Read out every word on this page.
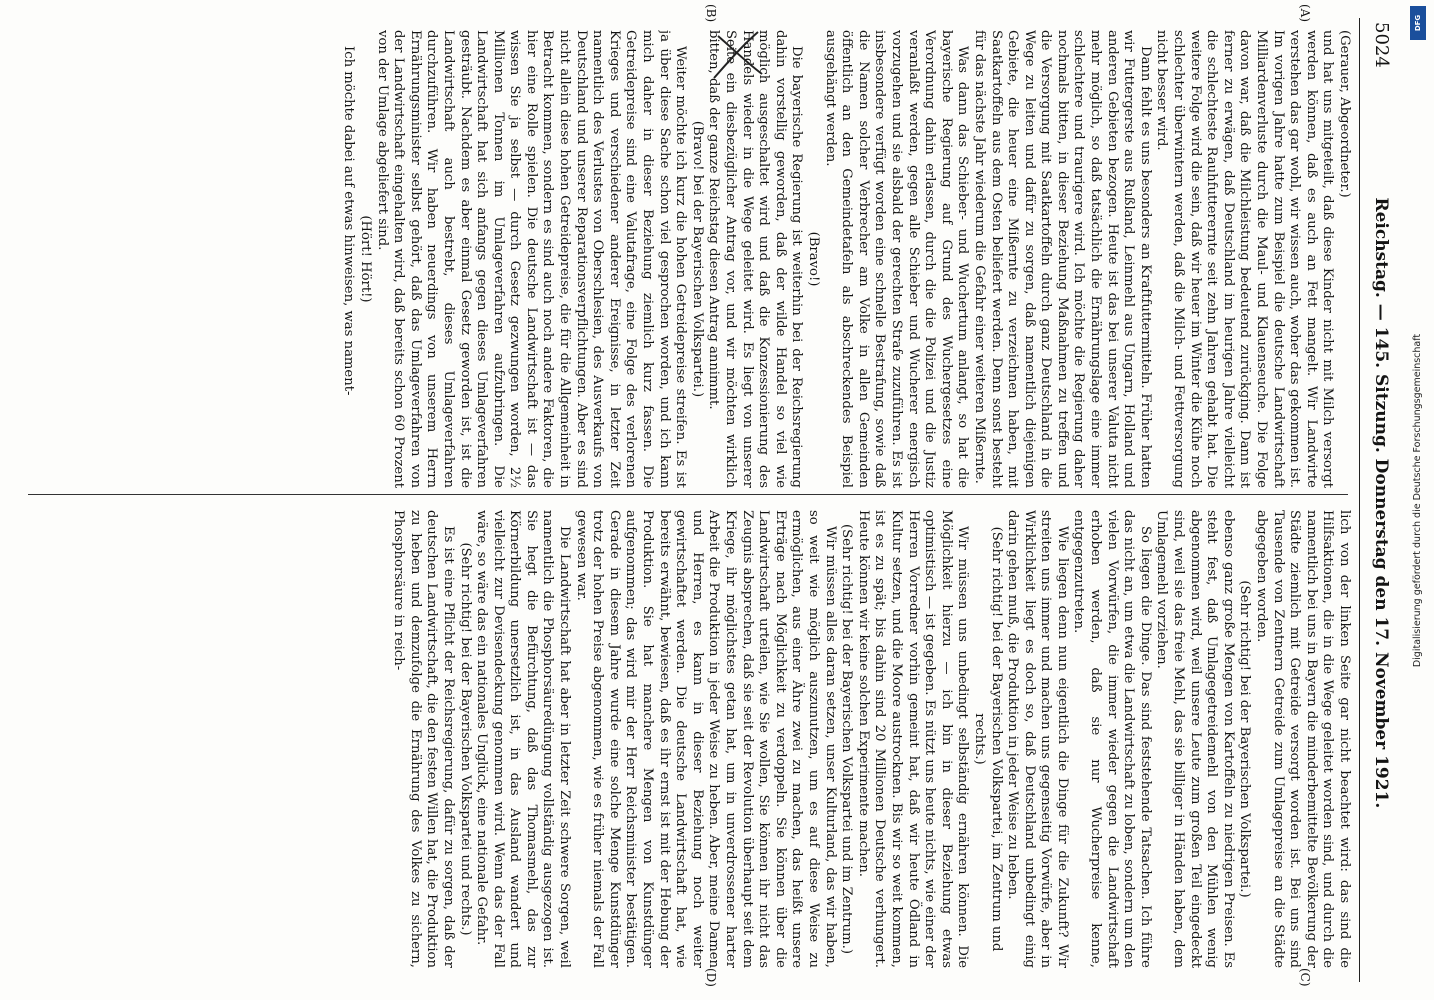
5024
Reichstag. — 145. Sitzung. Donnerstag den 17. November 1921.
(A)
(B)
(C)
(D)

(Gerauer, Abgeordneter.)

und hat uns mitgeteilt, daß diese Kinder nicht mit Milch versorgt werden können, daß es auch an Fett mangelt. Wir Landwirte verstehen das gar wohl, wir wissen auch, woher das gekommen ist. Im vorigen Jahre hatte zum Beispiel die deutsche Landwirtschaft Milliardenverluste durch die Maul- und Klauenseuche. Die Folge davon war, daß die Milchleistung bedeutend zurückging. Dann ist ferner zu erwägen, daß Deutschland im heurigen Jahre vielleicht die schlechteste Rauhfutterernte seit zehn Jahren gehabt hat. Die weitere Folge wird die sein, daß wir heuer im Winter die Kühe noch schlechter überwintern werden, daß die Milch- und Fettversorgung nicht besser wird.

Dann fehlt es uns besonders an Kraftfuttermitteln. Früher hatten wir Futtergerste aus Rußland, Leinmehl aus Ungarn, Holland und anderen Gebieten bezogen. Heute ist das bei unserer Valuta nicht mehr möglich, so daß tatsächlich die Ernährungslage eine immer schlechtere und traurigere wird. Ich möchte die Regierung daher nochmals bitten, in dieser Beziehung Maßnahmen zu treffen und die Versorgung mit Saatkartoffeln durch ganz Deutschland in die Wege zu leiten und dafür zu sorgen, daß namentlich diejenigen Gebiete, die heuer eine Mißernte zu verzeichnen haben, mit Saatkartoffeln aus dem Osten beliefert werden. Denn sonst besteht für das nächste Jahr wiederum die Gefahr einer weiteren Mißernte.

Was dann das Schieber- und Wuchertum anlangt, so hat die bayerische Regierung auf Grund des Wuchergesetzes eine Verordnung dahin erlassen, durch die die Polizei und die Justiz veranlaßt werden, gegen alle Schieber und Wucherer energisch vorzugehen und sie alsbald der gerechten Strafe zuzuführen. Es ist insbesondere verfügt worden eine schnelle Bestrafung, sowie daß die Namen solcher Verbrecher am Volke in allen Gemeinden öffentlich an den Gemeindetafeln als abschreckendes Beispiel ausgehängt werden.

(Bravo!)

Die bayerische Regierung ist weiterhin bei der Reichsregierung dahin vorstellig geworden, daß der wilde Handel so viel wie möglich ausgeschaltet wird und daß die Konzessionierung des Handels wieder in die Wege geleitet wird. Es liegt von unserer Seite ein diesbezüglicher Antrag vor, und wir möchten wirklich bitten, daß der ganze Reichstag diesen Antrag annimmt.

(Bravo! bei der Bayerischen Volkspartei.)

Weiter möchte ich kurz die hohen Getreidepreise streifen. Es ist ja über diese Sache schon viel gesprochen worden, und ich kann mich daher in dieser Beziehung ziemlich kurz fassen. Die Getreidepreise sind eine Valutafrage, eine Folge des verlorenen Krieges und verschiedener anderer Ereignisse, in letzter Zeit namentlich des Verlustes von Oberschlesien, des Ausverkaufs von Deutschland und unserer Reparationsverpflichtungen. Aber es sind nicht allein diese hohen Getreidepreise, die für die Allgemeinheit in Betracht kommen, sondern es sind auch noch andere Faktoren, die hier eine Rolle spielen. Die deutsche Landwirtschaft ist — das wissen Sie ja selbst — durch Gesetz gezwungen worden, 2½ Millionen Tonnen im Umlageverfahren aufzubringen. Die Landwirtschaft hat sich anfangs gegen dieses Umlageverfahren gesträubt. Nachdem es aber einmal Gesetz geworden ist, ist die Landwirtschaft auch bestrebt, dieses Umlageverfahren durchzuführen. Wir haben neuerdings von unserem Herrn Ernährungsminister selbst gehört, daß das Umlageverfahren von der Landwirtschaft eingehalten wird, daß bereits schon 60 Prozent von der Umlage abgeliefert sind.

(Hört! Hört!)

Ich möchte dabei auf etwas hinweisen, was nament-

lich von der linken Seite gar nicht beachtet wird: das sind die Hilfsaktionen, die in die Wege geleitet worden sind, und durch die namentlich bei uns in Bayern die minderbemittelte Bevölkerung der Städte ziemlich mit Getreide versorgt worden ist. Bei uns sind Tausende von Zentnern Getreide zum Umlagepreise an die Städte abgegeben worden.

(Sehr richtig! bei der Bayerischen Volkspartei.)

ebenso ganz große Mengen von Kartoffeln zu niedrigen Preisen. Es steht fest, daß Umlagegetreidemehl von den Mühlen wenig abgenommen wird, weil unsere Leute zum großen Teil eingedeckt sind, weil sie das freie Mehl, das sie billiger in Händen haben, dem Umlagemehl vorziehen.

So liegen die Dinge. Das sind feststehende Tatsachen. Ich führe das nicht an, um etwa die Landwirtschaft zu loben, sondern um den vielen Vorwürfen, die immer wieder gegen die Landwirtschaft erhoben werden, daß sie nur Wucherpreise kenne, entgegenzutreten.

Wie liegen denn nun eigentlich die Dinge für die Zukunft? Wir streiten uns immer und machen uns gegenseitig Vorwürfe, aber in Wirklichkeit liegt es doch so, daß Deutschland unbedingt einig darin gehen muß, die Produktion in jeder Weise zu heben.

(Sehr richtig! bei der Bayerischen Volkspartei, im Zentrum und rechts.)

Wir müssen uns unbedingt selbständig ernähren können. Die Möglichkeit hierzu — ich bin in dieser Beziehung etwas optimistisch — ist gegeben. Es nützt uns heute nichts, wie einer der Herren Vorredner vorhin gemeint hat, daß wir heute Ödland in Kultur setzen, und die Moore austrocknen. Bis wir so weit kommen, ist es zu spät; bis dahin sind 20 Millionen Deutsche verhungert. Heute können wir keine solchen Experimente machen.

(Sehr richtig! bei der Bayerischen Volkspartei und im Zentrum.)

Wir müssen alles daran setzen, unser Kulturland, das wir haben, so weit wie möglich auszunutzen, um es auf diese Weise zu ermöglichen, aus einer Ähre zwei zu machen, das heißt unsere Erträge nach Möglichkeit zu verdoppeln. Sie können über die Landwirtschaft urteilen, wie Sie wollen, Sie können ihr nicht das Zeugnis absprechen, daß sie seit der Revolution überhaupt seit dem Kriege, ihr möglichstes getan hat, um in unverdrossener harter Arbeit die Produktion in jeder Weise zu heben. Aber, meine Damen und Herren, es kann in dieser Beziehung noch weiter gewirtschaftet werden. Die deutsche Landwirtschaft hat, wie bereits erwähnt, bewiesen, daß es ihr ernst ist mit der Hebung der Produktion. Sie hat manchere Mengen von Kunstdünger aufgenommen; das wird mir der Herr Reichsminister bestätigen. Gerade in diesem Jahre wurde eine solche Menge Kunstdünger trotz der hohen Preise abgenommen, wie es früher niemals der Fall gewesen war.

Die Landwirtschaft hat aber in letzter Zeit schwere Sorgen, weil namentlich die Phosphorsäuredüngung vollständig ausgezogen ist. Sie hegt die Befürchtung, daß das Thomasmehl, das zur Körnerbildung unersetzlich ist, in das Ausland wandert und vielleicht zur Devisendeckung genommen wird. Wenn das der Fall wäre, so wäre das ein nationales Unglück, eine nationale Gefahr.

(Sehr richtig! bei der Bayerischen Volkspartei und rechts.)

Es ist eine Pflicht der Reichsregierung, dafür zu sorgen, daß der deutschen Landwirtschaft, die den festen Willen hat, die Produktion zu heben und demzufolge die Ernährung des Volkes zu sichern, Phosphorsäure in reich-	Digitalisierung gefördert durch die Deutsche Forschungsgemeinschaft
DFG
